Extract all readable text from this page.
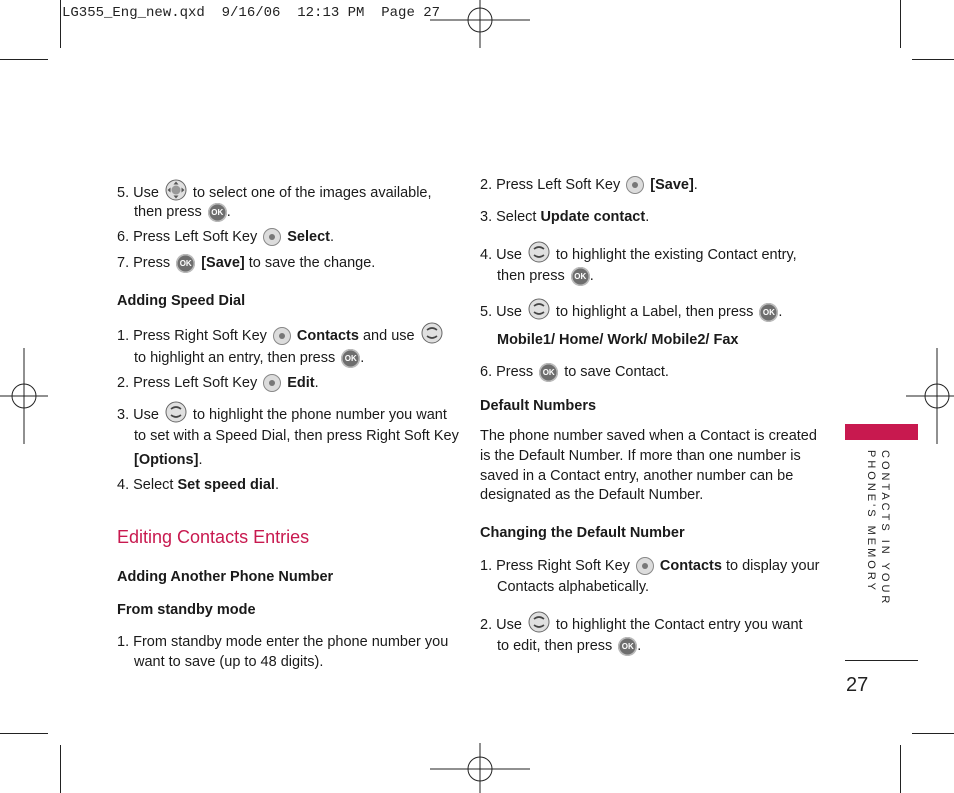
LG355_Eng_new.qxd  9/16/06  12:13 PM  Page 27
5. Use to select one of the images available,
then press OK .
6. Press Left Soft Key Select.
7. Press OK [Save] to save the change.
Adding Speed Dial
1. Press Right Soft Key Contacts and use
to highlight an entry, then press OK .
2. Press Left Soft Key Edit.
3. Use to highlight the phone number you want
to set with a Speed Dial, then press Right Soft Key
[Options].
4. Select Set speed dial.
Editing Contacts Entries
Adding Another Phone Number
From standby mode
1. From standby mode enter the phone number you
want to save (up to 48 digits).
2. Press Left Soft Key [Save].
3. Select Update contact.
4. Use to highlight the existing Contact entry,
then press OK .
5. Use to highlight a Label, then press OK .
Mobile1/ Home/ Work/ Mobile2/ Fax
6. Press OK to save Contact.
Default Numbers
The phone number saved when a Contact is created
is the Default Number. If more than one number is
saved in a Contact entry, another number can be
designated as the Default Number.
Changing the Default Number
1. Press Right Soft Key Contacts to display your
Contacts alphabetically.
2. Use to highlight the Contact entry you want
to edit, then press OK .
CONTACTS IN YOUR
PHONE'S MEMORY
27
